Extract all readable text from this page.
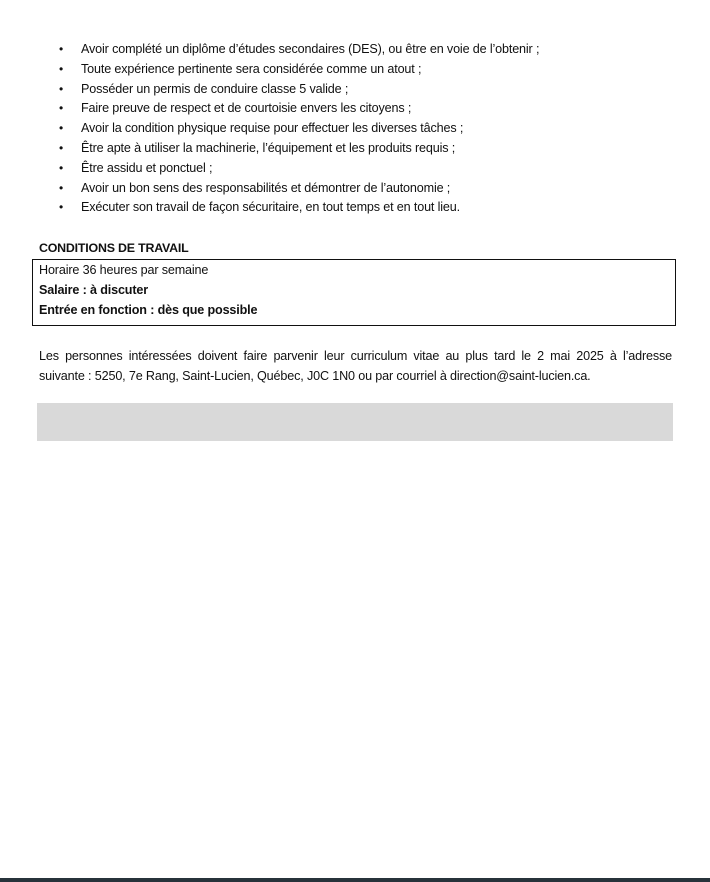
• Avoir complété un diplôme d’études secondaires (DES), ou être en voie de l’obtenir ;
• Toute expérience pertinente sera considérée comme un atout ;
• Posséder un permis de conduire classe 5 valide ;
• Faire preuve de respect et de courtoisie envers les citoyens ;
• Avoir la condition physique requise pour effectuer les diverses tâches ;
• Être apte à utiliser la machinerie, l’équipement et les produits requis ;
• Être assidu et ponctuel ;
• Avoir un bon sens des responsabilités et démontrer de l’autonomie ;
• Exécuter son travail de façon sécuritaire, en tout temps et en tout lieu.
CONDITIONS DE TRAVAIL
Horaire 36 heures par semaine
Salaire : à discuter
Entrée en fonction : dès que possible
Les personnes intéressées doivent faire parvenir leur curriculum vitae au plus tard le 2 mai 2025 à l’adresse
suivante : 5250, 7e Rang, Saint-Lucien, Québec, J0C 1N0 ou par courriel à direction@saint-lucien.ca.
